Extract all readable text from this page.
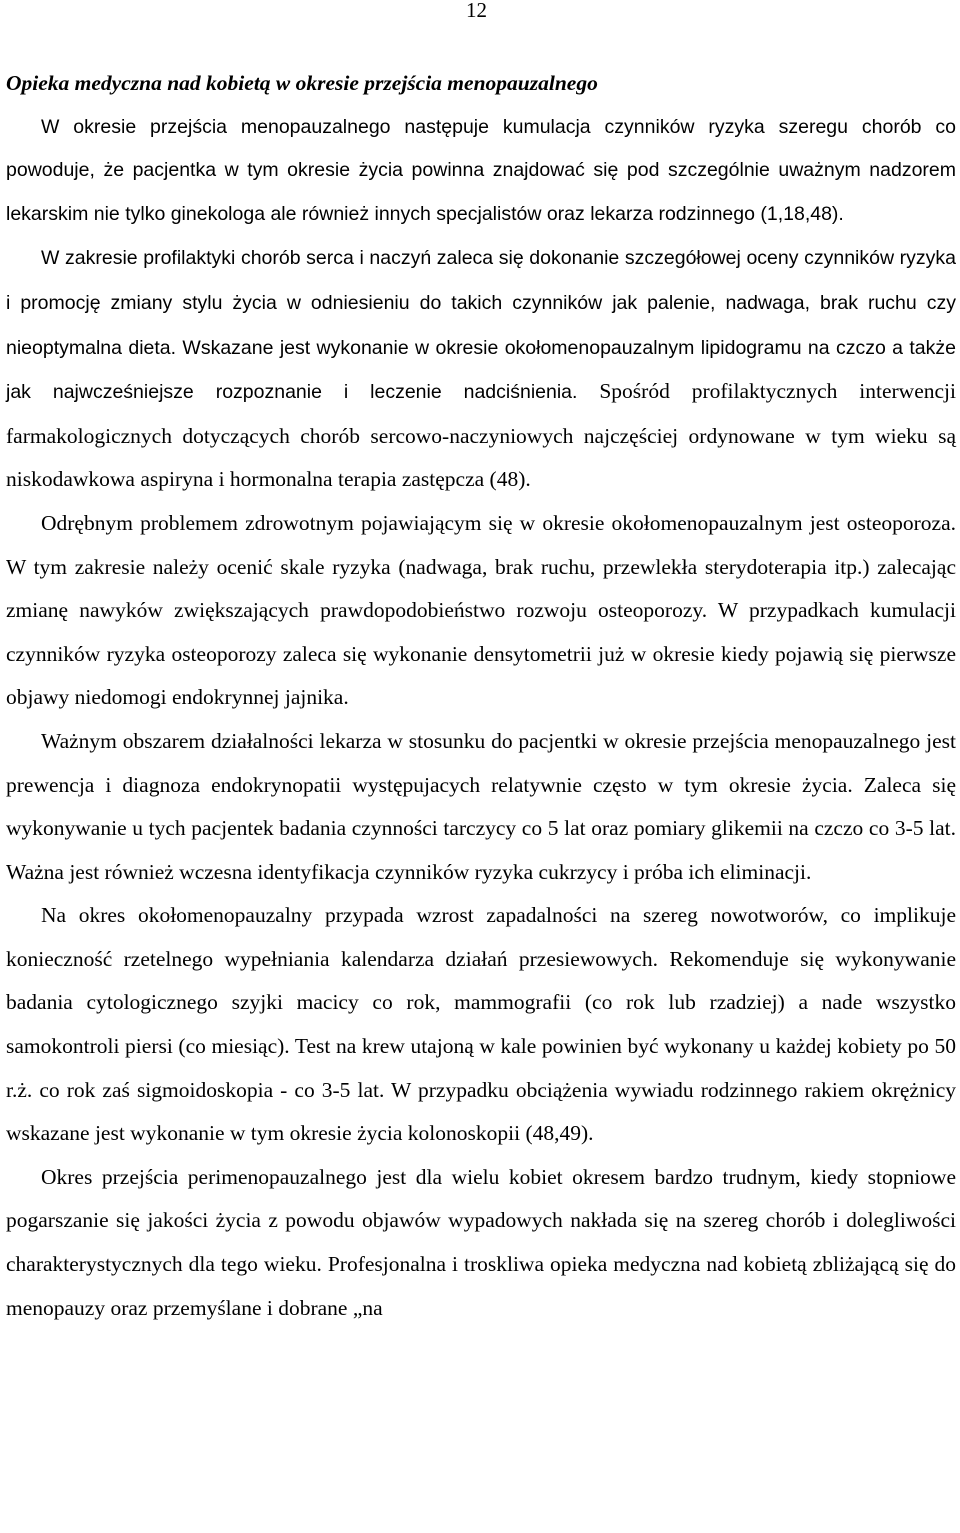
12

Opieka medyczna nad kobietą w okresie przejścia menopauzalnego

W okresie przejścia menopauzalnego następuje kumulacja czynników ryzyka szeregu chorób co powoduje, że pacjentka w tym okresie życia powinna znajdować się pod szczególnie uważnym nadzorem lekarskim nie tylko ginekologa ale również innych specjalistów oraz lekarza rodzinnego (1,18,48).

W zakresie profilaktyki chorób serca i naczyń zaleca się dokonanie szczegółowej oceny czynników ryzyka i promocję zmiany stylu życia w odniesieniu do takich czynników jak palenie, nadwaga, brak ruchu czy nieoptymalna dieta. Wskazane jest wykonanie w okresie okołomenopauzalnym lipidogramu na czczo a także jak najwcześniejsze rozpoznanie i leczenie nadciśnienia. Spośród profilaktycznych interwencji farmakologicznych dotyczących chorób sercowo-naczyniowych najczęściej ordynowane w tym wieku są niskodawkowa aspiryna i hormonalna terapia zastępcza (48).

Odrębnym problemem zdrowotnym pojawiającym się w okresie okołomenopauzalnym jest osteoporoza. W tym zakresie należy ocenić skale ryzyka (nadwaga, brak ruchu, przewlekła sterydoterapia itp.) zalecając zmianę nawyków zwiększających prawdopodobieństwo rozwoju osteoporozy. W przypadkach kumulacji czynników ryzyka osteoporozy zaleca się wykonanie densytometrii już w okresie kiedy pojawią się pierwsze objawy niedomogi endokrynnej jajnika.

Ważnym obszarem działalności lekarza w stosunku do pacjentki w okresie przejścia menopauzalnego jest prewencja i diagnoza endokrynopatii występujacych relatywnie często w tym okresie życia. Zaleca się wykonywanie u tych pacjentek badania czynności tarczycy co 5 lat oraz pomiary glikemii na czczo co 3-5 lat. Ważna jest również wczesna identyfikacja czynników ryzyka cukrzycy i próba ich eliminacji.

Na okres okołomenopauzalny przypada wzrost zapadalności na szereg nowotworów, co implikuje konieczność rzetelnego wypełniania kalendarza działań przesiewowych. Rekomenduje się wykonywanie badania cytologicznego szyjki macicy co rok, mammografii (co rok lub rzadziej) a nade wszystko samokontroli piersi (co miesiąc). Test na krew utajoną w kale powinien być wykonany u każdej kobiety po 50 r.ż. co rok zaś sigmoidoskopia - co 3-5 lat. W przypadku obciążenia wywiadu rodzinnego rakiem okrężnicy wskazane jest wykonanie w tym okresie życia kolonoskopii (48,49).

Okres przejścia perimenopauzalnego jest dla wielu kobiet okresem bardzo trudnym, kiedy stopniowe pogarszanie się jakości życia z powodu objawów wypadowych nakłada się na szereg chorób i dolegliwości charakterystycznych dla tego wieku. Profesjonalna i troskliwa opieka medyczna nad kobietą zbliżającą się do menopauzy oraz przemyślane i dobrane „na
